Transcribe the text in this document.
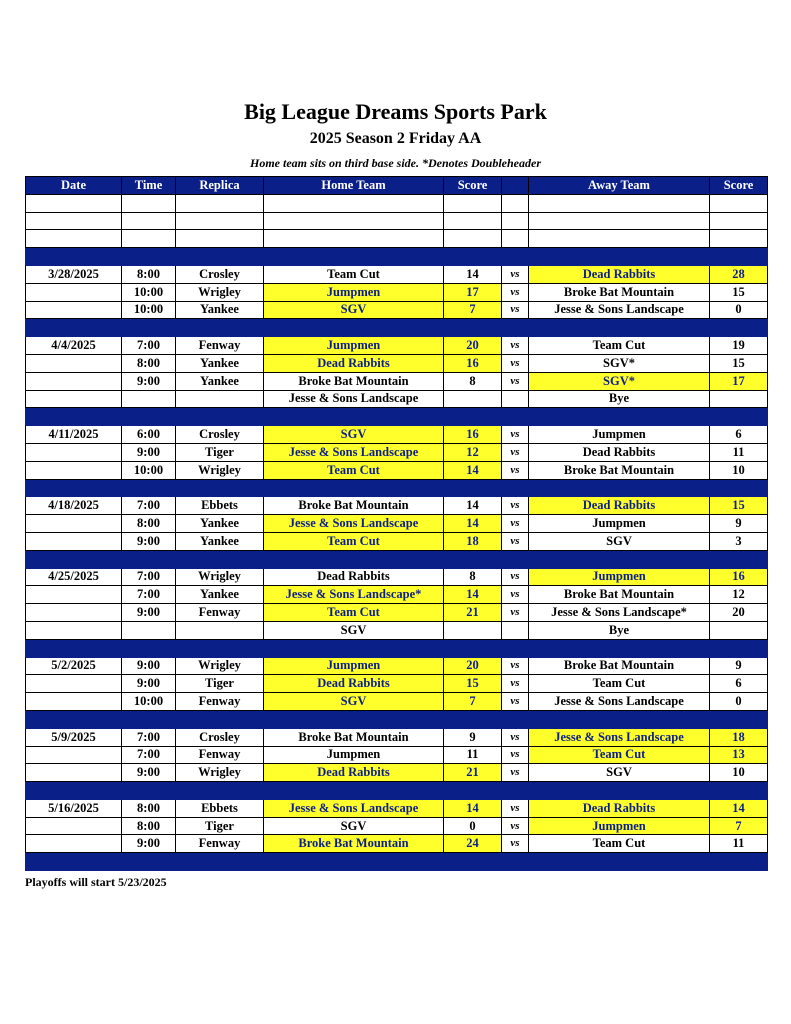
Big League Dreams Sports Park
2025 Season 2 Friday AA
Home team sits on third base side. *Denotes Doubleheader
Date	Time	Replica	Home Team	Score		Away Team	Score

3/28/2025	8:00	Crosley	Team Cut	14	vs	Dead Rabbits	28
	10:00	Wrigley	Jumpmen	17	vs	Broke Bat Mountain	15
	10:00	Yankee	SGV	7	vs	Jesse & Sons Landscape	0

4/4/2025	7:00	Fenway	Jumpmen	20	vs	Team Cut	19
	8:00	Yankee	Dead Rabbits	16	vs	SGV*	15
	9:00	Yankee	Broke Bat Mountain	8	vs	SGV*	17
			Jesse & Sons Landscape			Bye	

4/11/2025	6:00	Crosley	SGV	16	vs	Jumpmen	6
	9:00	Tiger	Jesse & Sons Landscape	12	vs	Dead Rabbits	11
	10:00	Wrigley	Team Cut	14	vs	Broke Bat Mountain	10

4/18/2025	7:00	Ebbets	Broke Bat Mountain	14	vs	Dead Rabbits	15
	8:00	Yankee	Jesse & Sons Landscape	14	vs	Jumpmen	9
	9:00	Yankee	Team Cut	18	vs	SGV	3

4/25/2025	7:00	Wrigley	Dead Rabbits	8	vs	Jumpmen	16
	7:00	Yankee	Jesse & Sons Landscape*	14	vs	Broke Bat Mountain	12
	9:00	Fenway	Team Cut	21	vs	Jesse & Sons Landscape*	20
			SGV			Bye	

5/2/2025	9:00	Wrigley	Jumpmen	20	vs	Broke Bat Mountain	9
	9:00	Tiger	Dead Rabbits	15	vs	Team Cut	6
	10:00	Fenway	SGV	7	vs	Jesse & Sons Landscape	0

5/9/2025	7:00	Crosley	Broke Bat Mountain	9	vs	Jesse & Sons Landscape	18
	7:00	Fenway	Jumpmen	11	vs	Team Cut	13
	9:00	Wrigley	Dead Rabbits	21	vs	SGV	10

5/16/2025	8:00	Ebbets	Jesse & Sons Landscape	14	vs	Dead Rabbits	14
	8:00	Tiger	SGV	0	vs	Jumpmen	7
	9:00	Fenway	Broke Bat Mountain	24	vs	Team Cut	11

Playoffs will start 5/23/2025
